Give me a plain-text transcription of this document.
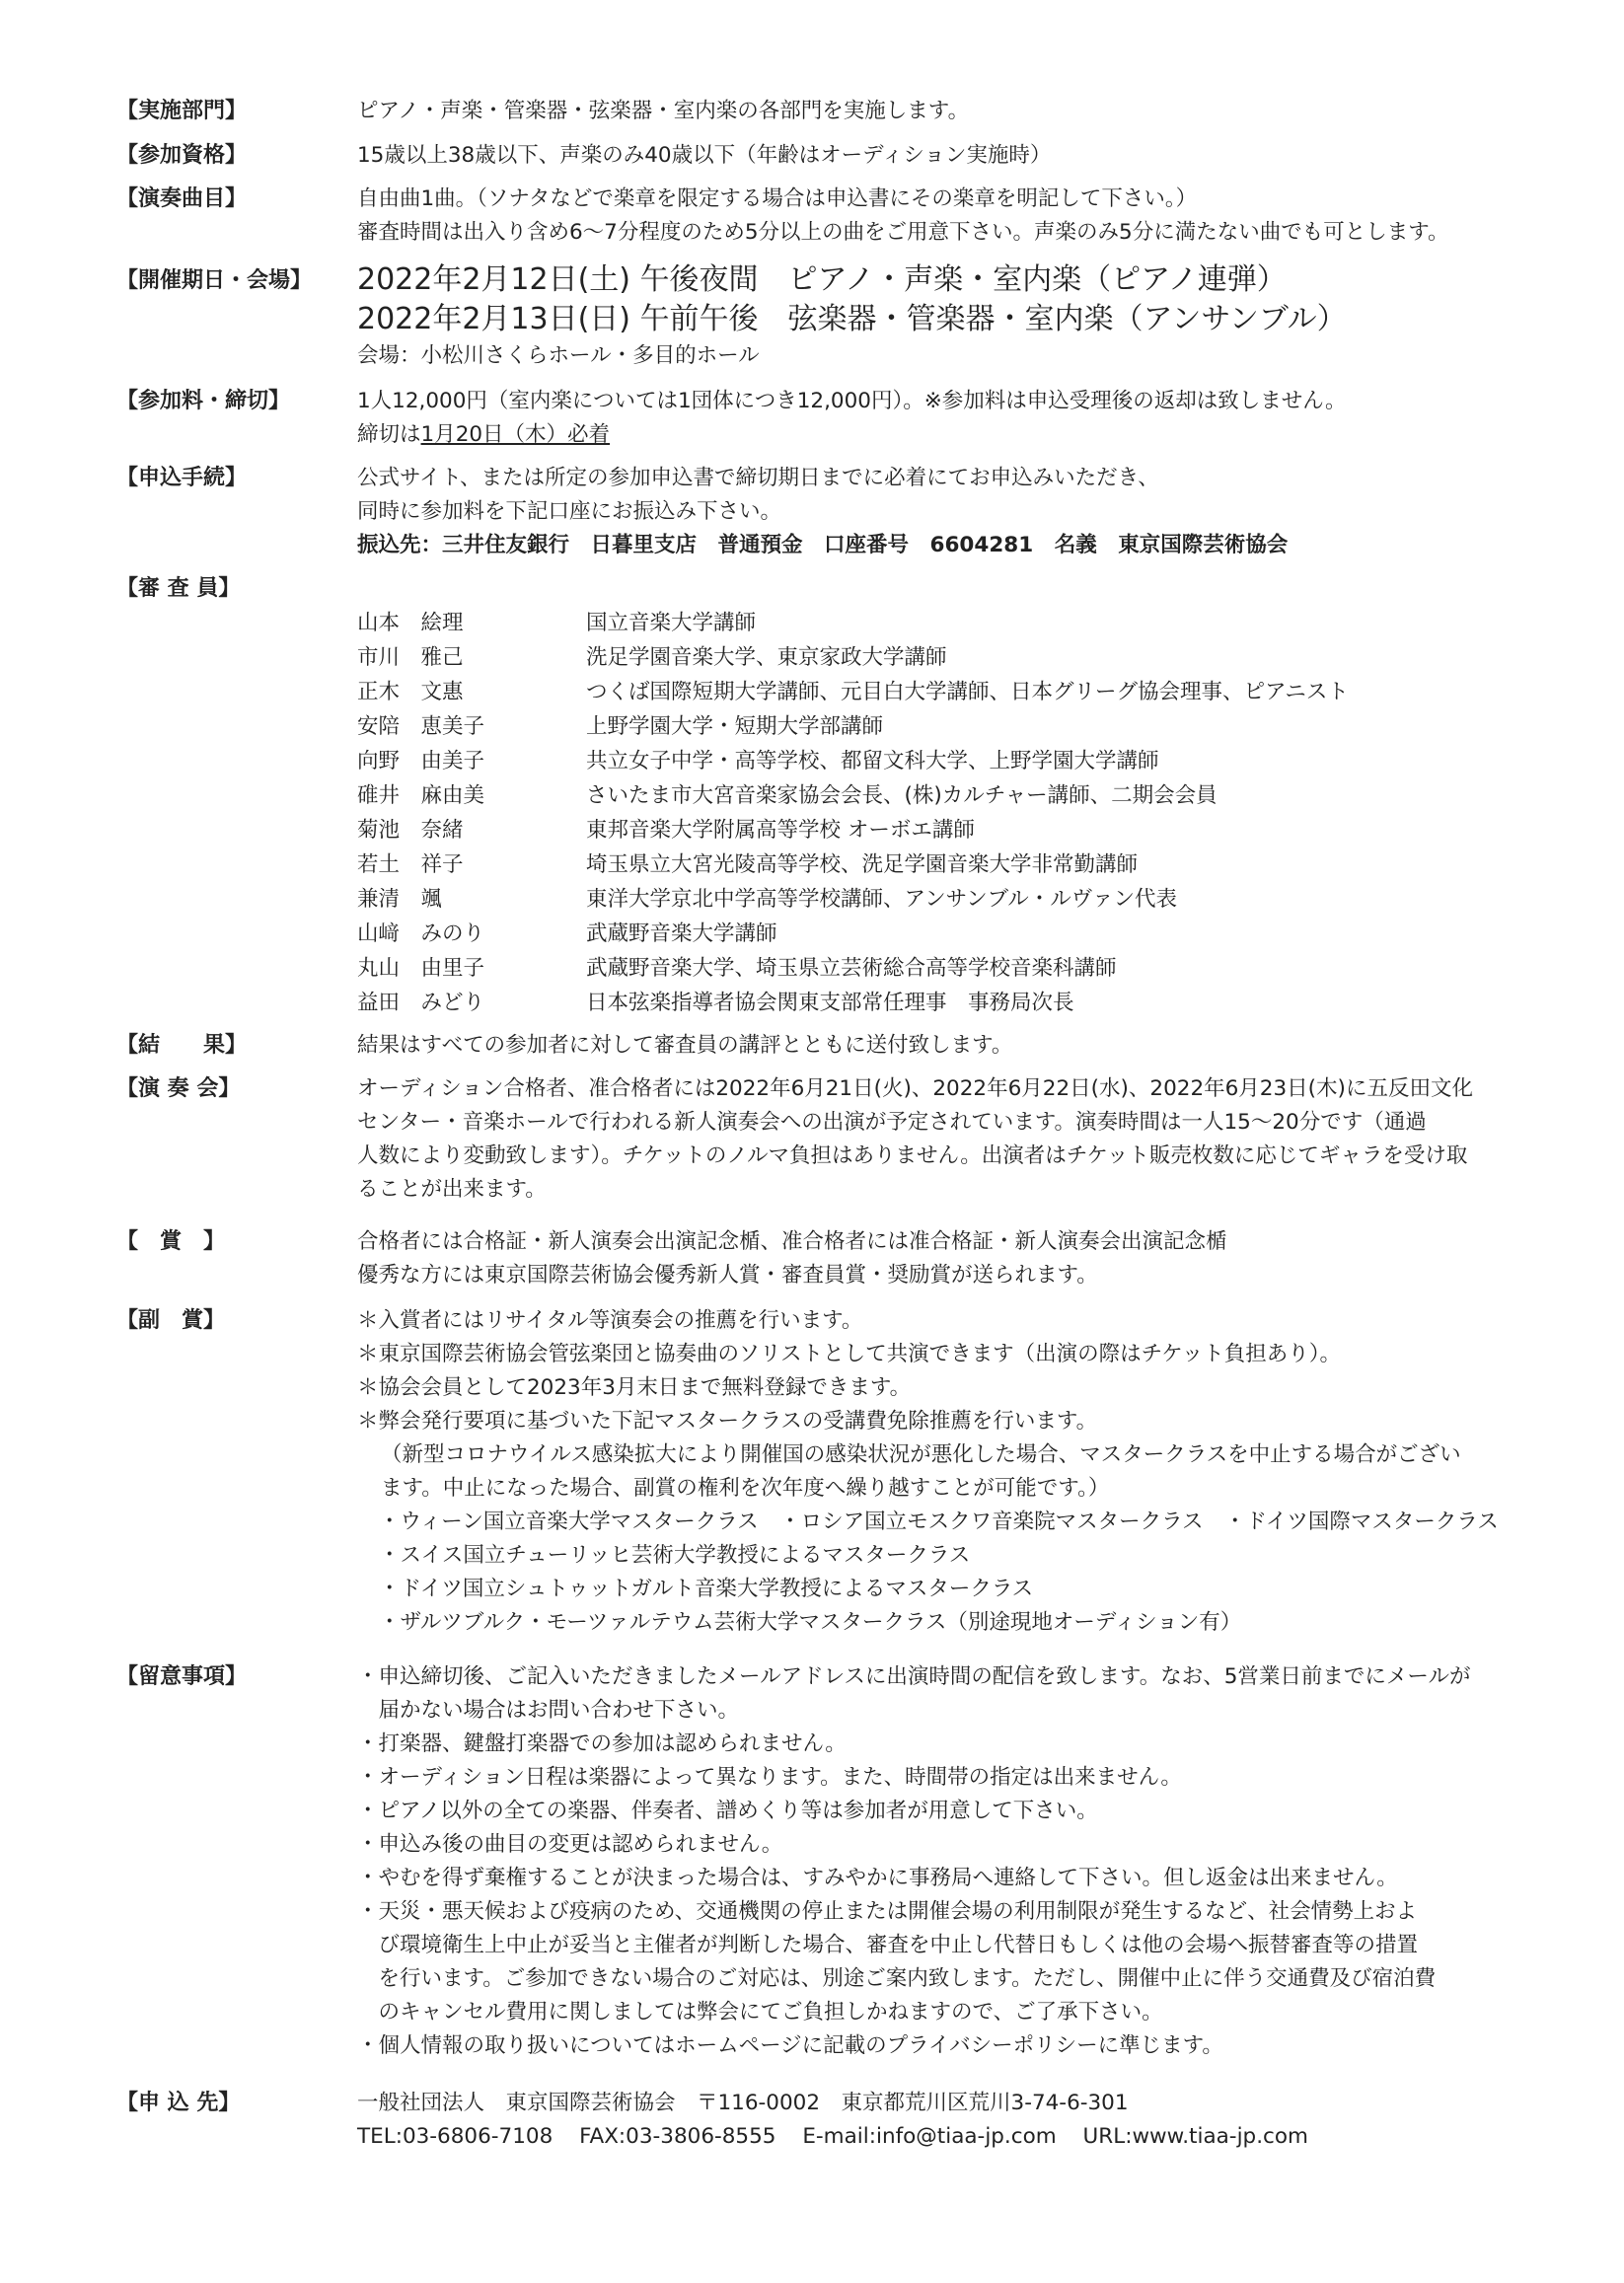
【実施部門】	ピアノ・声楽・管楽器・弦楽器・室内楽の各部門を実施します。
【参加資格】	15歳以上38歳以下、声楽のみ40歳以下（年齢はオーディション実施時）
【演奏曲目】	自由曲1曲。（ソナタなどで楽章を限定する場合は申込書にその楽章を明記して下さい。）
審査時間は出入り含め6〜7分程度のため5分以上の曲をご用意下さい。声楽のみ5分に満たない曲でも可とします。
【開催期日・会場】 2022年2月12日(土) 午後夜間　ピアノ・声楽・室内楽（ピアノ連弾）
2022年2月13日(日) 午前午後　弦楽器・管楽器・室内楽（アンサンブル）
会場：小松川さくらホール・多目的ホール
【参加料・締切】	1人12,000円（室内楽については1団体につき12,000円）。※参加料は申込受理後の返却は致しません。
締切は1月20日（木）必着
【申込手続】	公式サイト、または所定の参加申込書で締切期日までに必着にてお申込みいただき、
同時に参加料を下記口座にお振込み下さい。
振込先：三井住友銀行　日暮里支店　普通預金　口座番号　6604281　名義　東京国際芸術協会
【審 査 員】
山本　絵理	国立音楽大学講師
市川　雅己	洗足学園音楽大学、東京家政大学講師
正木　文惠	つくば国際短期大学講師、元目白大学講師、日本グリーグ協会理事、ピアニスト
安陪　恵美子	上野学園大学・短期大学部講師
向野　由美子	共立女子中学・高等学校、都留文科大学、上野学園大学講師
碓井　麻由美	さいたま市大宮音楽家協会会長、(株)カルチャー講師、二期会会員
菊池　奈緒	東邦音楽大学附属高等学校 オーボエ講師
若土　祥子	埼玉県立大宮光陵高等学校、洗足学園音楽大学非常勤講師
兼清　颯	東洋大学京北中学高等学校講師、アンサンブル・ルヴァン代表
山﨑　みのり	武蔵野音楽大学講師
丸山　由里子	武蔵野音楽大学、埼玉県立芸術総合高等学校音楽科講師
益田　みどり	日本弦楽指導者協会関東支部常任理事　事務局次長
【結　　果】	結果はすべての参加者に対して審査員の講評とともに送付致します。
【演 奏 会】	オーディション合格者、准合格者には2022年6月21日(火)、2022年6月22日(水)、2022年6月23日(木)に五反田文化
センター・音楽ホールで行われる新人演奏会への出演が予定されています。演奏時間は一人15〜20分です（通過
人数により変動致します）。チケットのノルマ負担はありません。出演者はチケット販売枚数に応じてギャラを受け取
ることが出来ます。
【　賞　】	合格者には合格証・新人演奏会出演記念楯、准合格者には准合格証・新人演奏会出演記念楯
優秀な方には東京国際芸術協会優秀新人賞・審査員賞・奨励賞が送られます。
【副　賞】	＊入賞者にはリサイタル等演奏会の推薦を行います。
＊東京国際芸術協会管弦楽団と協奏曲のソリストとして共演できます（出演の際はチケット負担あり）。
＊協会会員として2023年3月末日まで無料登録できます。
＊弊会発行要項に基づいた下記マスタークラスの受講費免除推薦を行います。
（新型コロナウイルス感染拡大により開催国の感染状況が悪化した場合、マスタークラスを中止する場合がござい
ます。中止になった場合、副賞の権利を次年度へ繰り越すことが可能です。）
・ウィーン国立音楽大学マスタークラス　・ロシア国立モスクワ音楽院マスタークラス　・ドイツ国際マスタークラス
・スイス国立チューリッヒ芸術大学教授によるマスタークラス
・ドイツ国立シュトゥットガルト音楽大学教授によるマスタークラス
・ザルツブルク・モーツァルテウム芸術大学マスタークラス（別途現地オーディション有）
【留意事項】	・申込締切後、ご記入いただきましたメールアドレスに出演時間の配信を致します。なお、5営業日前までにメールが
　届かない場合はお問い合わせ下さい。
・打楽器、鍵盤打楽器での参加は認められません。
・オーディション日程は楽器によって異なります。また、時間帯の指定は出来ません。
・ピアノ以外の全ての楽器、伴奏者、譜めくり等は参加者が用意して下さい。
・申込み後の曲目の変更は認められません。
・やむを得ず棄権することが決まった場合は、すみやかに事務局へ連絡して下さい。但し返金は出来ません。
・天災・悪天候および疫病のため、交通機関の停止または開催会場の利用制限が発生するなど、社会情勢上およ
　び環境衛生上中止が妥当と主催者が判断した場合、審査を中止し代替日もしくは他の会場へ振替審査等の措置
　を行います。ご参加できない場合のご対応は、別途ご案内致します。ただし、開催中止に伴う交通費及び宿泊費
　のキャンセル費用に関しましては弊会にてご負担しかねますので、ご了承下さい。
・個人情報の取り扱いについてはホームページに記載のプライバシーポリシーに準じます。
【申 込 先】	一般社団法人　東京国際芸術協会　〒116-0002　東京都荒川区荒川3-74-6-301
TEL:03-6806-7108 FAX:03-3806-8555 E-mail:info@tiaa-jp.com URL:www.tiaa-jp.com
